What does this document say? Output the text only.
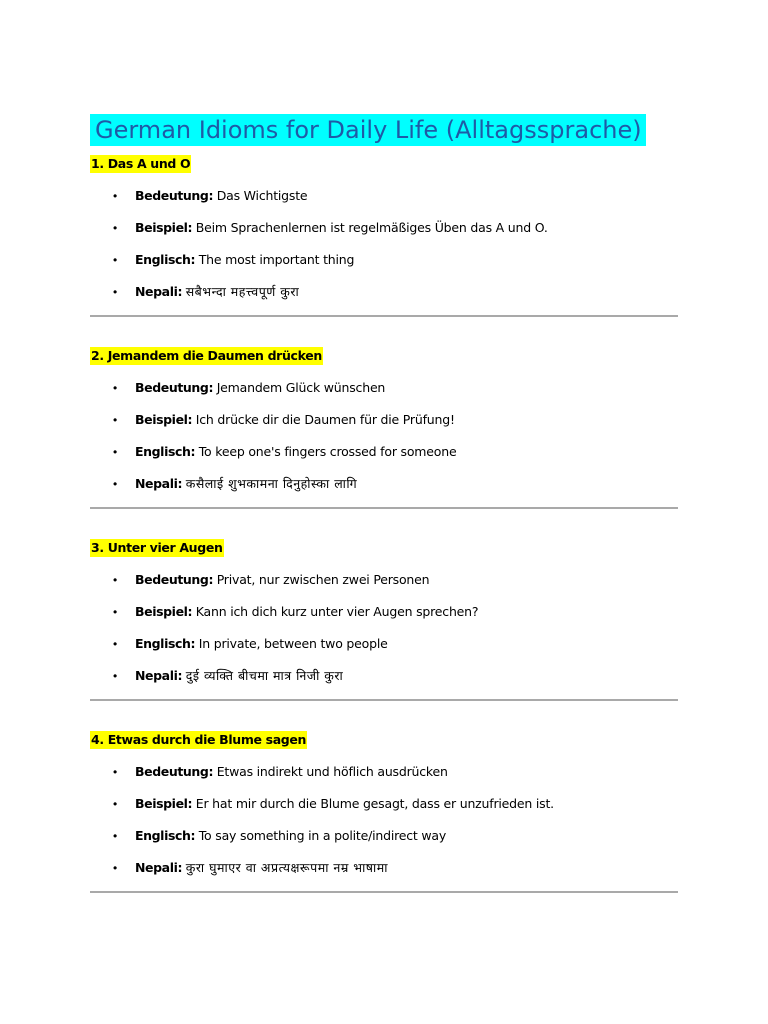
German Idioms for Daily Life (Alltagssprache)
1. Das A und O
• Bedeutung: Das Wichtigste
• Beispiel: Beim Sprachenlernen ist regelmäßiges Üben das A und O.
• Englisch: The most important thing
• Nepali: सबैभन्दा महत्त्वपूर्ण कुरा
2. Jemandem die Daumen drücken
• Bedeutung: Jemandem Glück wünschen
• Beispiel: Ich drücke dir die Daumen für die Prüfung!
• Englisch: To keep one's fingers crossed for someone
• Nepali: कसैलाई शुभकामना दिनुहोस्का लागि
3. Unter vier Augen
• Bedeutung: Privat, nur zwischen zwei Personen
• Beispiel: Kann ich dich kurz unter vier Augen sprechen?
• Englisch: In private, between two people
• Nepali: दुई व्यक्ति बीचमा मात्र निजी कुरा
4. Etwas durch die Blume sagen
• Bedeutung: Etwas indirekt und höflich ausdrücken
• Beispiel: Er hat mir durch die Blume gesagt, dass er unzufrieden ist.
• Englisch: To say something in a polite/indirect way
• Nepali: कुरा घुमाएर वा अप्रत्यक्षरूपमा नम्र भाषामा
